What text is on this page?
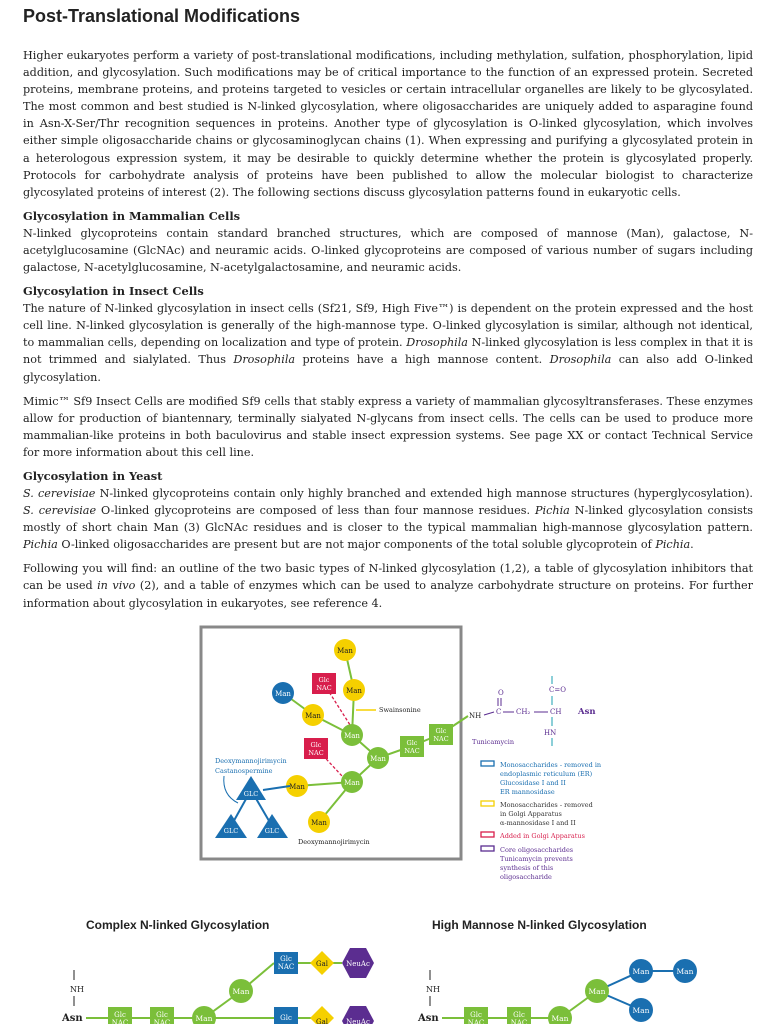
Post-Translational Modifications

Higher eukaryotes perform a variety of post-translational modifications, including methylation, sulfation, phosphorylation, lipid addition, and glycosylation. Such modifications may be of critical importance to the function of an expressed protein. Secreted proteins, membrane proteins, and proteins targeted to vesicles or certain intracellular organelles are likely to be glycosylated. The most common and best studied is N-linked glycosylation, where oligosaccharides are uniquely added to asparagine found in Asn-X-Ser/Thr recognition sequences in proteins. Another type of glycosylation is O-linked glycosylation, which involves either simple oligosaccharide chains or glycosaminoglycan chains (1). When expressing and purifying a glycosylated protein in a heterologous expression system, it may be desirable to quickly determine whether the protein is glycosylated properly. Protocols for carbohydrate analysis of proteins have been published to allow the molecular biologist to characterize glycosylated proteins of interest (2). The following sections discuss glycosylation patterns found in eukaryotic cells.

Glycosylation in Mammalian Cells

N-linked glycoproteins contain standard branched structures, which are composed of mannose (Man), galactose, N-acetylglucosamine (GlcNAc) and neuramic acids. O-linked glycoproteins are composed of various number of sugars including galactose, N-acetylglucosamine, N-acetylgalactosamine, and neuramic acids.

Glycosylation in Insect Cells

The nature of N-linked glycosylation in insect cells (Sf21, Sf9, High Five™) is dependent on the protein expressed and the host cell line. N-linked glycosylation is generally of the high-mannose type. O-linked glycosylation is similar, although not identical, to mammalian cells, depending on localization and type of protein. Drosophila N-linked glycosylation is less complex in that it is not trimmed and sialylated. Thus Drosophila proteins have a high mannose content. Drosophila can also add O-linked glycosylation.

Mimic™ Sf9 Insect Cells are modified Sf9 cells that stably express a variety of mammalian glycosyltransferases. These enzymes allow for production of biantennary, terminally sialyated N-glycans from insect cells. The cells can be used to produce more mammalian-like proteins in both baculovirus and stable insect expression systems. See page XX or contact Technical Service for more information about this cell line.

Glycosylation in Yeast

S. cerevisiae N-linked glycoproteins contain only highly branched and extended high mannose structures (hyperglycosylation). S. cerevisiae O-linked glycoproteins are composed of less than four mannose residues. Pichia N-linked glycosylation consists mostly of short chain Man (3) GlcNAc residues and is closer to the typical mammalian high-mannose glycosylation pattern. Pichia O-linked oligosaccharides are present but are not major components of the total soluble glycoprotein of Pichia.

Following you will find: an outline of the two basic types of N-linked glycosylation (1,2), a table of glycosylation inhibitors that can be used in vivo (2), and a table of enzymes which can be used to analyze carbohydrate structure on proteins. For further information about glycosylation in eukaryotes, see reference 4.

Man
Man	Man
Man
Man
Man
Man	Man
Man
Glc
NAC
Glc
NAC
Glc
NAC
Glc
NAC
GLC
GLC	GLC
Swainsonine
Deoxymannojirimycin
Castanospermine
Deoxymannojirimycin
Tunicamycin
O
NH C CH₂	CH
C=O
Asn
HN
Monosaccharides - removed in
endoplasmic reticulum (ER)
Glucosidase I and II
ER mannosidase
Monosaccharides - removed
in Golgi Apparatus
α-mannosidase I and II
Added in Golgi Apparatus
Core oligosaccharides
Tunicamycin prevents
synthesis of this
oligosaccharide
Complex N-linked Glycosylation	High Mannose N-linked Glycosylation
NH
Asn	Glc
NAC
Glc
NAC	Man
Man
Glc
NAC
Glc
Gal
Gal
NeuAc
NeuAc
NH
Asn	Glc
NAC
Glc
NAC	Man
Man
Man	Man
Man
